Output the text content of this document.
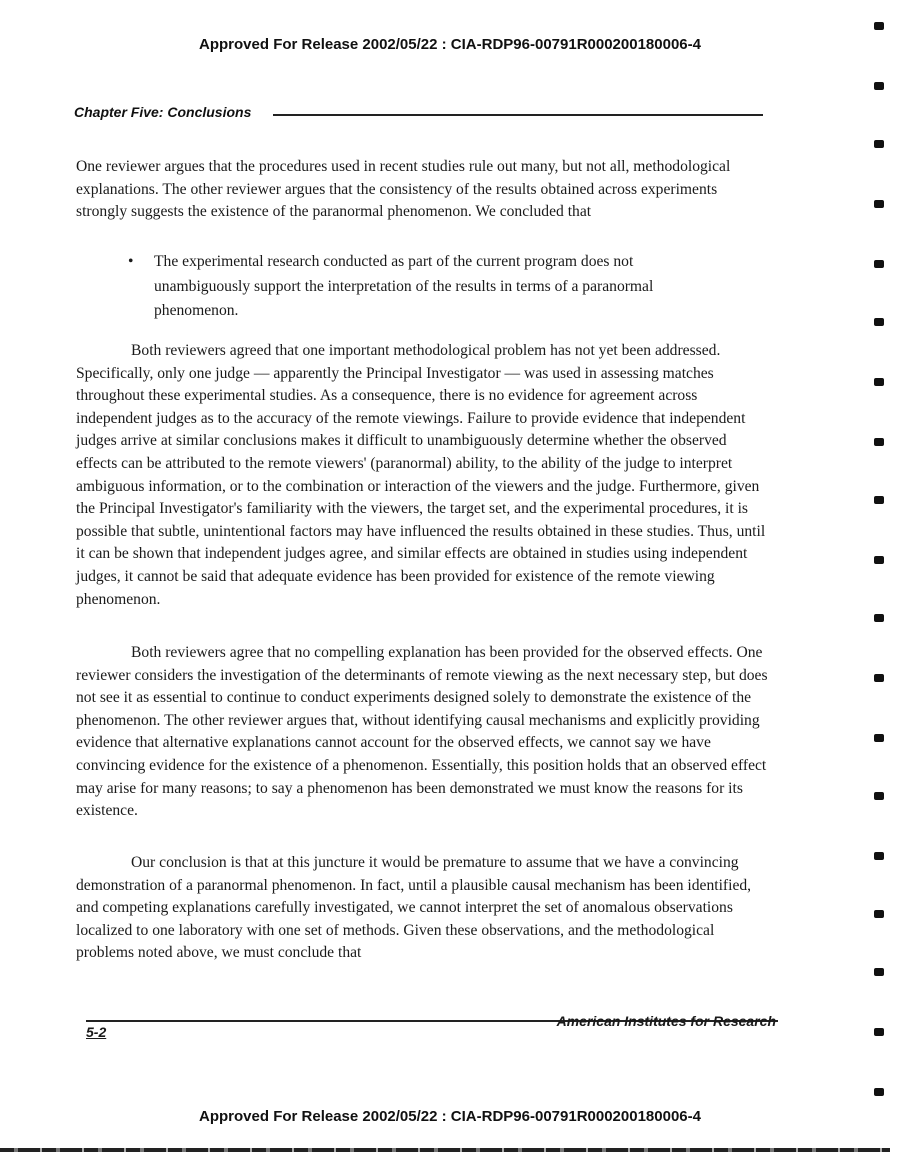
Approved For Release 2002/05/22 : CIA-RDP96-00791R000200180006-4
Chapter Five: Conclusions

One reviewer argues that the procedures used in recent studies rule out many, but not all, methodological explanations. The other reviewer argues that the consistency of the results obtained across experiments strongly suggests the existence of the paranormal phenomenon. We concluded that

• The experimental research conducted as part of the current program does not unambiguously support the interpretation of the results in terms of a paranormal phenomenon.

Both reviewers agreed that one important methodological problem has not yet been addressed. Specifically, only one judge — apparently the Principal Investigator — was used in assessing matches throughout these experimental studies. As a consequence, there is no evidence for agreement across independent judges as to the accuracy of the remote viewings. Failure to provide evidence that independent judges arrive at similar conclusions makes it difficult to unambiguously determine whether the observed effects can be attributed to the remote viewers' (paranormal) ability, to the ability of the judge to interpret ambiguous information, or to the combination or interaction of the viewers and the judge. Furthermore, given the Principal Investigator's familiarity with the viewers, the target set, and the experimental procedures, it is possible that subtle, unintentional factors may have influenced the results obtained in these studies. Thus, until it can be shown that independent judges agree, and similar effects are obtained in studies using independent judges, it cannot be said that adequate evidence has been provided for existence of the remote viewing phenomenon.

Both reviewers agree that no compelling explanation has been provided for the observed effects. One reviewer considers the investigation of the determinants of remote viewing as the next necessary step, but does not see it as essential to continue to conduct experiments designed solely to demonstrate the existence of the phenomenon. The other reviewer argues that, without identifying causal mechanisms and explicitly providing evidence that alternative explanations cannot account for the observed effects, we cannot say we have convincing evidence for the existence of a phenomenon. Essentially, this position holds that an observed effect may arise for many reasons; to say a phenomenon has been demonstrated we must know the reasons for its existence.

Our conclusion is that at this juncture it would be premature to assume that we have a convincing demonstration of a paranormal phenomenon. In fact, until a plausible causal mechanism has been identified, and competing explanations carefully investigated, we cannot interpret the set of anomalous observations localized to one laboratory with one set of methods. Given these observations, and the methodological problems noted above, we must conclude that

5-2
American Institutes for Research
Approved For Release 2002/05/22 : CIA-RDP96-00791R000200180006-4
